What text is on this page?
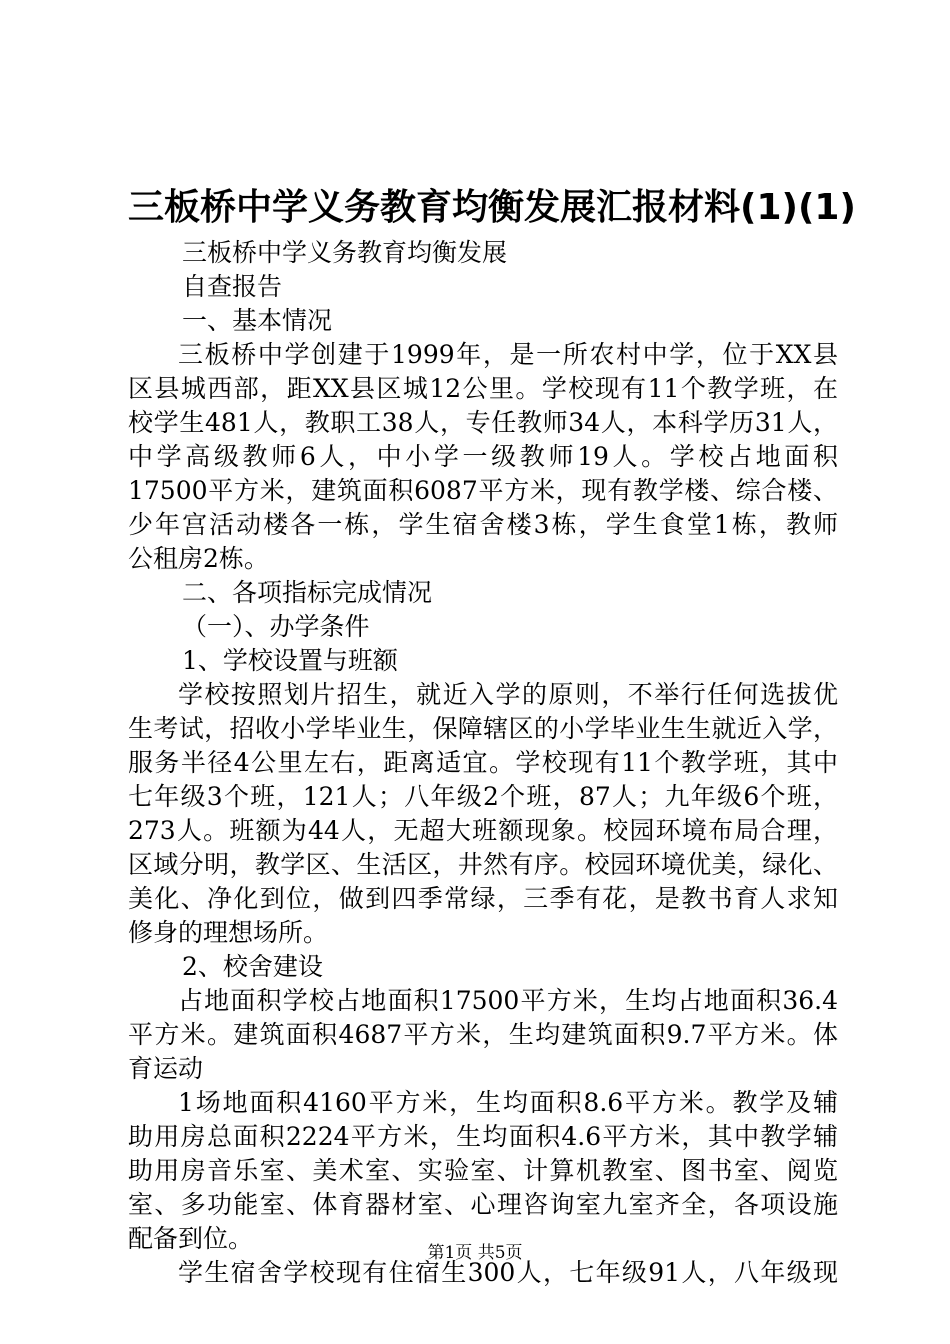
三板桥中学义务教育均衡发展汇报材料(1)(1)
三板桥中学义务教育均衡发展
自查报告
一、基本情况
三板桥中学创建于1999年，是一所农村中学，位于XX县
区县城西部，距XX县区城12公里。学校现有11个教学班，在
校学生481人，教职工38人，专任教师34人，本科学历31人，
中学高级教师6人，中小学一级教师19人。学校占地面积
17500平方米，建筑面积6087平方米，现有教学楼、综合楼、
少年宫活动楼各一栋，学生宿舍楼3栋，学生食堂1栋，教师
公租房2栋。
二、各项指标完成情况
（一）、办学条件
1、学校设置与班额
学校按照划片招生，就近入学的原则，不举行任何选拔优
生考试，招收小学毕业生，保障辖区的小学毕业生生就近入学，
服务半径4公里左右，距离适宜。学校现有11个教学班，其中
七年级3个班，121人；八年级2个班，87人；九年级6个班，
273人。班额为44人，无超大班额现象。校园环境布局合理，
区域分明，教学区、生活区，井然有序。校园环境优美，绿化、
美化、净化到位，做到四季常绿，三季有花，是教书育人求知
修身的理想场所。
2、校舍建设
占地面积学校占地面积17500平方米，生均占地面积36.4
平方米。建筑面积4687平方米，生均建筑面积9.7平方米。体
育运动
1场地面积4160平方米，生均面积8.6平方米。教学及辅
助用房总面积2224平方米，生均面积4.6平方米，其中教学辅
助用房音乐室、美术室、实验室、计算机教室、图书室、阅览
室、多功能室、体育器材室、心理咨询室九室齐全，各项设施
配备到位。
学生宿舍学校现有住宿生300人，七年级91人，八年级现
第1页 共5页
